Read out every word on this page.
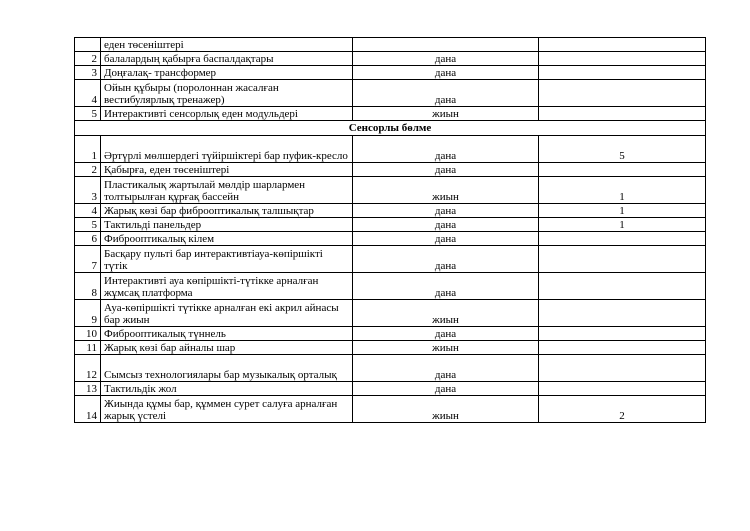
	еден төсеніштері		
2	балалардың қабырға баспалдақтары	дана	
3	Доңғалақ- трансформер	дана	
4	Ойын құбыры (поролоннан жасалған вестибулярлық тренажер)	дана	
5	Интерактивті сенсорлық еден модульдері	жиын	
Сенсорлы бөлме			
1	Әртүрлі мөлшердегі түйіршіктері бар пуфик-кресло	дана	5
2	Қабырға, еден төсеніштері	дана	
3	Пластикалық жартылай мөлдір шарлармен толтырылған құрғақ бассейн	жиын	1
4	Жарық көзі бар фиброоптикалық талшықтар	дана	1
5	Тактильді панельдер	дана	1
6	Фиброоптикалық кілем	дана	
7	Басқару пульті бар интерактивтіауа-көпіршікті түтік	дана	
8	Интерактивті ауа көпіршікті-түтікке арналған жұмсақ платформа	дана	
9	Ауа-көпіршікті түтікке арналған екі акрил айнасы бар жиын	жиын	
10	Фиброоптикалық түннель	дана	
11	Жарық көзі бар айналы шар	жиын	
12	Сымсыз технологиялары бар музыкалық орталық	дана	
13	Тактильдік жол	дана	
14	Жиында құмы бар, құммен сурет салуға арналған жарық үстелі	жиын	2
